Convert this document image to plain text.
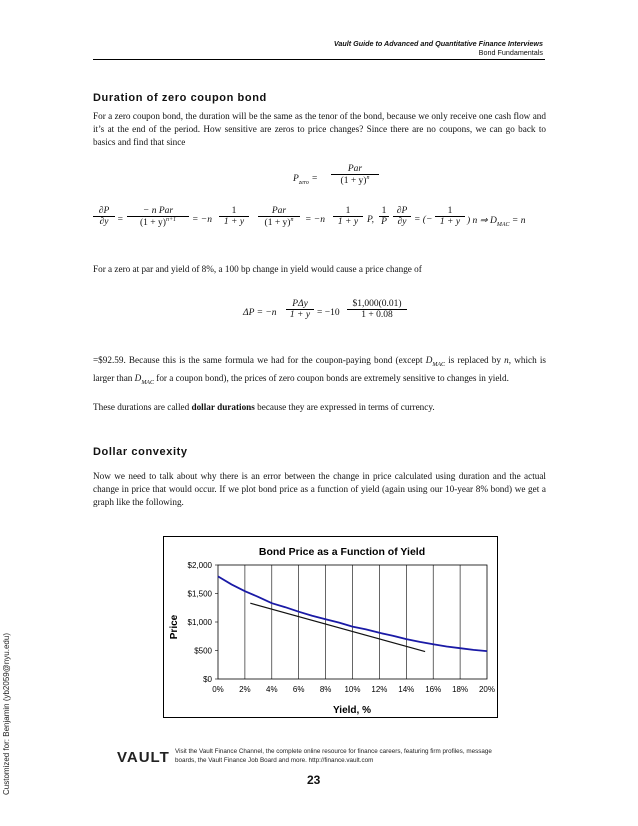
Vault Guide to Advanced and Quantitative Finance Interviews
Bond Fundamentals
Duration of zero coupon bond

For a zero coupon bond, the duration will be the same as the tenor of the bond, because we only receive one cash flow and it’s at the end of the period. How sensitive are zeros to price changes? Since there are no coupons, we can go back to basics and find that since

$P_{zero}$ =
Par
$(1 + y)^n$
∂P
∂y =
− n Par
$(1 + y)^{n+1}$	= −n
1
1 + y
Par
$(1 + y)^n$	= −n
1
1 + y P,
1
P
∂P
∂y = (−
1
1 + y ) n ⇒ $D_{MAC} = n$

For a zero at par and yield of 8%, a 100 bp change in yield would cause a price change of

ΔP = −n
PΔy
1 + y = −10
$1,000(0.01)
1 + 0.08

=$92.59. Because this is the same formula we had for the coupon-paying bond (except $D_{MAC}$ is replaced by n, which is larger than $D_{MAC}$ for a coupon bond), the prices of zero coupon bonds are extremely sensitive to changes in yield.

These durations are called dollar durations because they are expressed in terms of currency.

Dollar convexity

Now we need to talk about why there is an error between the change in price calculated using duration and the actual change in price that would occur. If we plot bond price as a function of yield (again using our 10-year 8% bond) we get a graph like the following.

Bond Price as a Function of Yield
Price
Yield, %
0% 2% 4% 6% 8% 10% 12% 14% 16% 18% 20%
$0
$500
$1,000
$1,500
$2,000
Customized for: Benjamin (yb2059@nyu.edu)	VAULT Visit the Vault Finance Channel, the complete online resource for finance careers, featuring firm profiles, message boards, the Vault Finance Job Board and more. http://finance.vault.com
23
